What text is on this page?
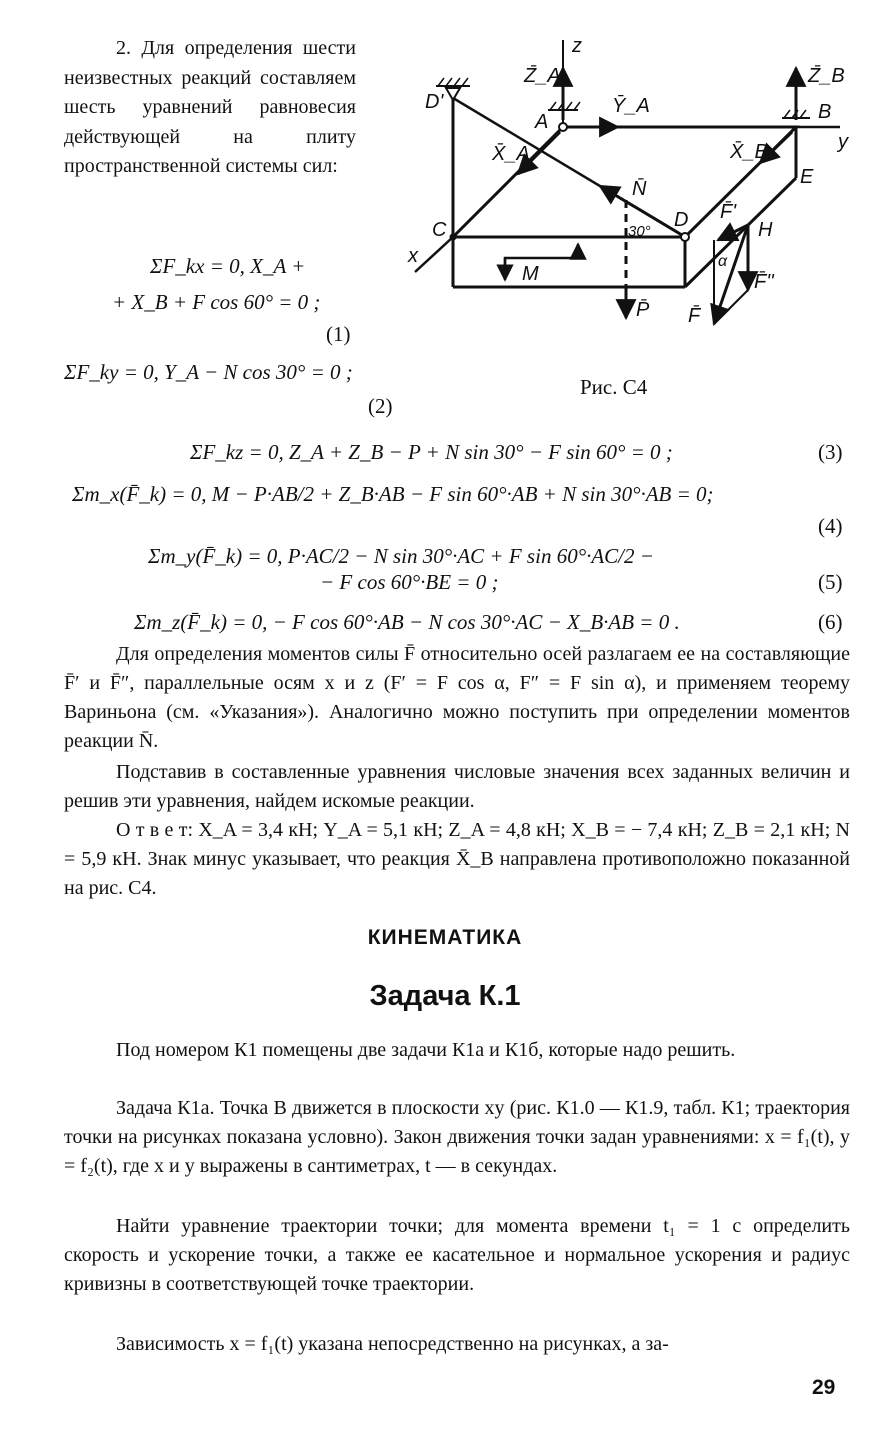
2. Для определения шести неизвестных реакций составляем шесть уравнений равновесия действующей на плиту пространственной системы сил:

ΣF_kx = 0, X_A +
+ X_B + F cos 60° = 0 ;
(1)
ΣF_ky = 0, Y_A − N cos 30° = 0 ;
(2)
ΣF_kz = 0, Z_A + Z_B − P + N sin 30° − F sin 60° = 0 ;	(3)
Σm_x(F̄_k) = 0, M − P·AB/2 + Z_B·AB − F sin 60°·AB + N sin 30°·AB = 0;
(4)
Σm_y(F̄_k) = 0, P·AC/2 − N sin 30°·AC + F sin 60°·AC/2 −
− F cos 60°·BE = 0 ;	(5)
Σm_z(F̄_k) = 0, − F cos 60°·AB − N cos 30°·AC − X_B·AB = 0 .	(6)
z
Z̄_A
Ȳ_A
A
D'
X̄_A
Z̄_B
B
y
X̄_B
E
N̄
30°
D F̄'
H
α
F̄''
F̄
C
x
M
P̄
Рис. С4

Для определения моментов силы F̄ относительно осей разлагаем ее на составляющие F̄′ и F̄″, параллельные осям x и z (F′ = F cos α, F″ = F sin α), и применяем теорему Вариньона (см. «Указания»). Аналогично можно поступить при определении моментов реакции N̄.

Подставив в составленные уравнения числовые значения всех заданных величин и решив эти уравнения, найдем искомые реакции.

О т в е т: X_A = 3,4 кН; Y_A = 5,1 кН; Z_A = 4,8 кН; X_B = − 7,4 кН; Z_B = 2,1 кН; N = 5,9 кН. Знак минус указывает, что реакция X̄_B направлена противоположно показанной на рис. С4.

КИНЕМАТИКА
Задача К.1

Под номером К1 помещены две задачи К1а и К1б, которые надо решить.

Задача К1а. Точка B движется в плоскости xy (рис. К1.0 — К1.9, табл. К1; траектория точки на рисунках показана условно). Закон движения точки задан уравнениями: x = f₁(t), y = f₂(t), где x и y выражены в сантиметрах, t — в секундах.

Найти уравнение траектории точки; для момента времени t₁ = 1 с определить скорость и ускорение точки, а также ее касательное и нормальное ускорения и радиус кривизны в соответствующей точке траектории.

Зависимость x = f₁(t) указана непосредственно на рисунках, а за-

29
